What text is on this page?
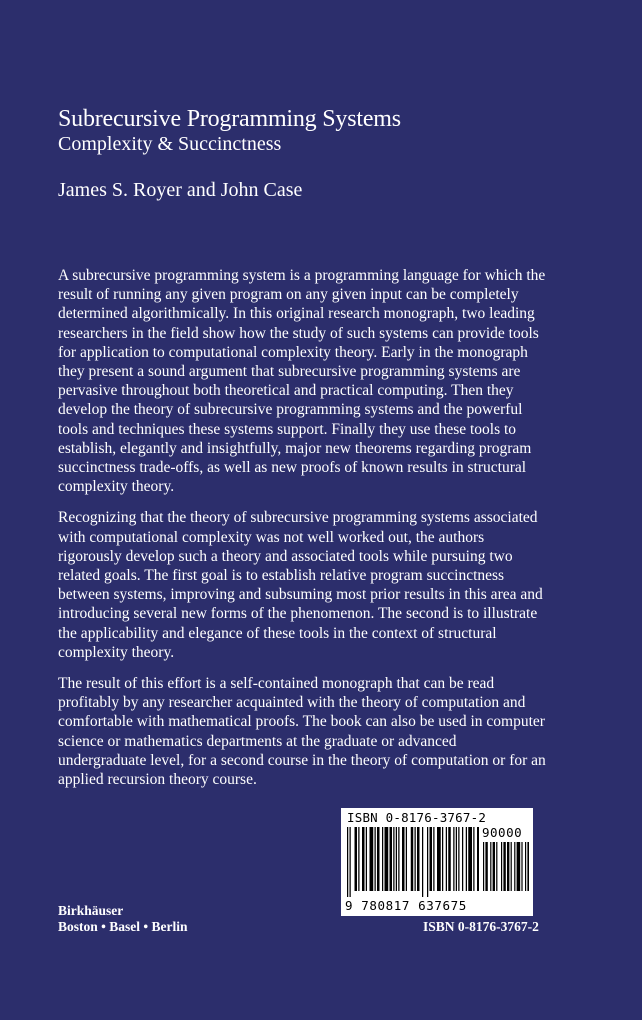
Subrecursive Programming Systems
Complexity & Succinctness
James S. Royer and John Case

A subrecursive programming system is a programming language for which the result of running any given program on any given input can be completely determined algorithmically. In this original research monograph, two leading researchers in the field show how the study of such systems can provide tools for application to computational complexity theory. Early in the monograph they present a sound argument that subrecursive programming systems are pervasive throughout both theoretical and practical computing. Then they develop the theory of subrecursive programming systems and the powerful tools and techniques these systems support. Finally they use these tools to establish, elegantly and insightfully, major new theorems regarding program succinctness trade-offs, as well as new proofs of known results in structural complexity theory.

Recognizing that the theory of subrecursive programming systems associated with computational complexity was not well worked out, the authors rigorously develop such a theory and associated tools while pursuing two related goals. The first goal is to establish relative program succinctness between systems, improving and subsuming most prior results in this area and introducing several new forms of the phenomenon. The second is to illustrate the applicability and elegance of these tools in the context of structural complexity theory.

The result of this effort is a self-contained monograph that can be read profitably by any researcher acquainted with the theory of computation and comfortable with mathematical proofs. The book can also be used in computer science or mathematics departments at the graduate or advanced undergraduate level, for a second course in the theory of computation or for an applied recursion theory course.

ISBN 0-8176-3767-2
90000
9 780817 637675
Birkhäuser
Boston • Basel • Berlin	ISBN 0-8176-3767-2
